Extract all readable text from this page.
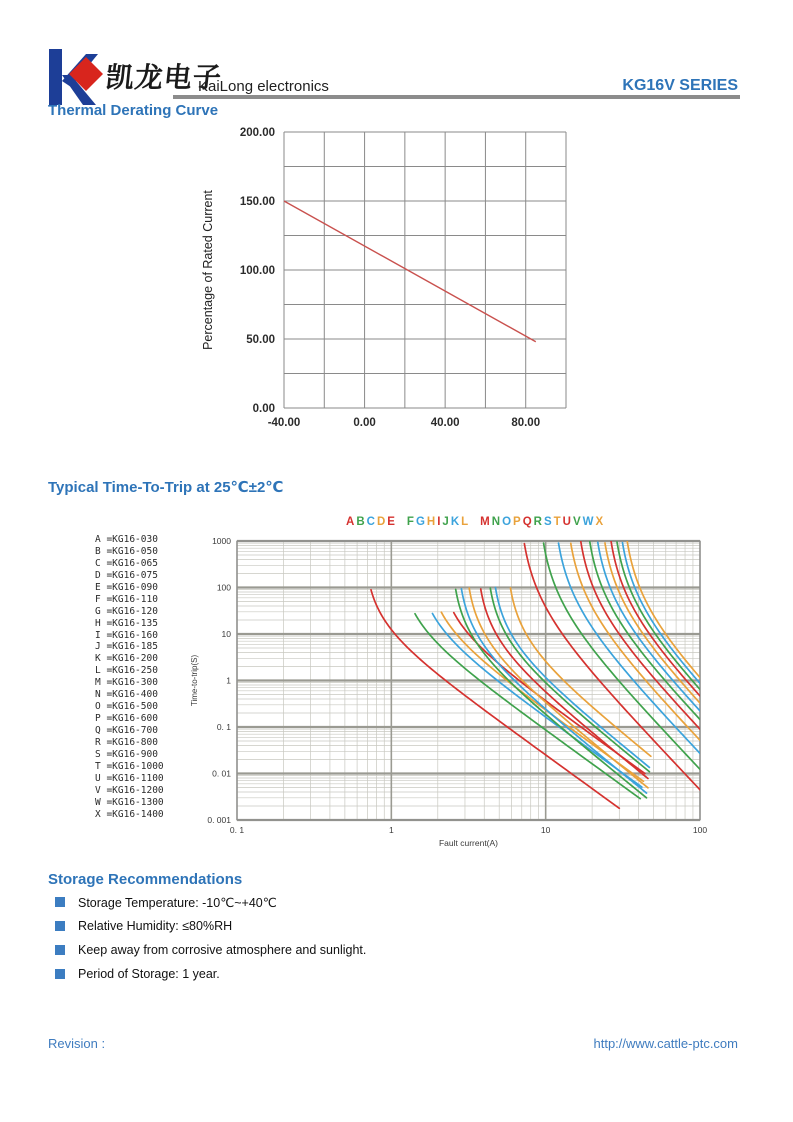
凯龙电子
KaiLong electronics	KG16V SERIES
Thermal Derating Curve
0.00
50.00
100.00
150.00
200.00
-40.00	0.00	40.00	80.00
Percentage of Rated Current
Typical Time-To-Trip at 25℃±2℃
A =KG16-030
B =KG16-050
C =KG16-065
D =KG16-075
E =KG16-090
F =KG16-110
G =KG16-120
H =KG16-135
I =KG16-160
J =KG16-185
K =KG16-200
L =KG16-250
M =KG16-300
N =KG16-400
O =KG16-500
P =KG16-600
Q =KG16-700
R =KG16-800
S =KG16-900
T =KG16-1000
U =KG16-1100
V =KG16-1200
W =KG16-1300
X =KG16-1400
A B C D E F G H I J K L M N O P Q R S T U V W X
1000
100
10
1
0. 1
0. 01
0. 001
0. 1	1	10	100
Fault current(A)
Time-to-trip(S)
Storage Recommendations
Storage Temperature: -10℃~+40℃
Relative Humidity: ≤80%RH
Keep away from corrosive atmosphere and sunlight.
Period of Storage: 1 year.
Revision :	http://www.cattle-ptc.com
